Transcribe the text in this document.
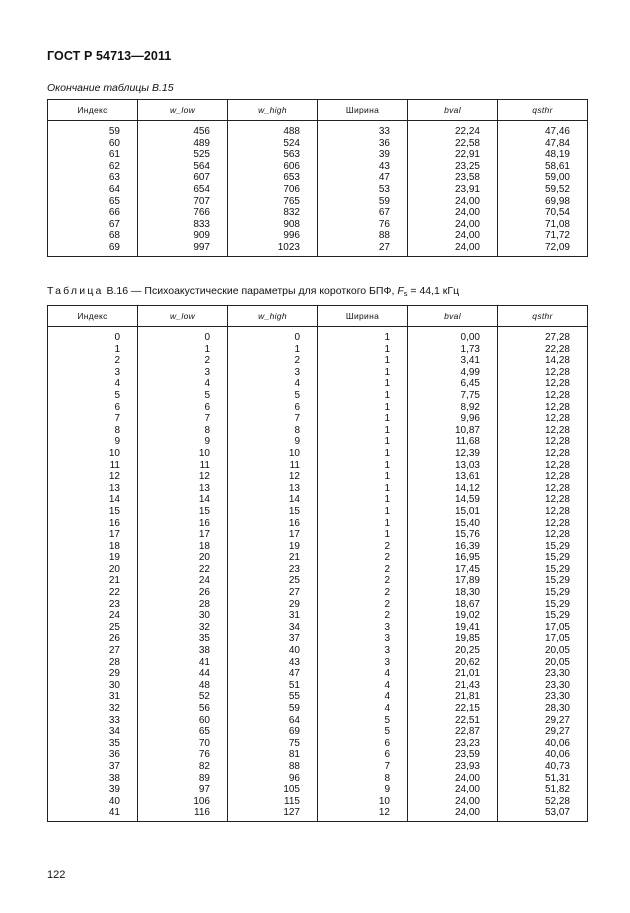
ГОСТ Р 54713—2011
Окончание таблицы В.15
Индекс	w_low	w_high	Ширина	bval	qsthr
59	456	488	33	22,24	47,46
60	489	524	36	22,58	47,84
61	525	563	39	22,91	48,19
62	564	606	43	23,25	58,61
63	607	653	47	23,58	59,00
64	654	706	53	23,91	59,52
65	707	765	59	24,00	69,98
66	766	832	67	24,00	70,54
67	833	908	76	24,00	71,08
68	909	996	88	24,00	71,72
69	997	1023	27	24,00	72,09
Таблица В.16 — Психоакустические параметры для короткого БПФ, $F_s = 44,1$ кГц
Индекс	w_low	w_high	Ширина	bval	qsthr
0	0	0	1	0,00	27,28
1	1	1	1	1,73	22,28
2	2	2	1	3,41	14,28
3	3	3	1	4,99	12,28
4	4	4	1	6,45	12,28
5	5	5	1	7,75	12,28
6	6	6	1	8,92	12,28
7	7	7	1	9,96	12,28
8	8	8	1	10,87	12,28
9	9	9	1	11,68	12,28
10	10	10	1	12,39	12,28
11	11	11	1	13,03	12,28
12	12	12	1	13,61	12,28
13	13	13	1	14,12	12,28
14	14	14	1	14,59	12,28
15	15	15	1	15,01	12,28
16	16	16	1	15,40	12,28
17	17	17	1	15,76	12,28
18	18	19	2	16,39	15,29
19	20	21	2	16,95	15,29
20	22	23	2	17,45	15,29
21	24	25	2	17,89	15,29
22	26	27	2	18,30	15,29
23	28	29	2	18,67	15,29
24	30	31	2	19,02	15,29
25	32	34	3	19,41	17,05
26	35	37	3	19,85	17,05
27	38	40	3	20,25	20,05
28	41	43	3	20,62	20,05
29	44	47	4	21,01	23,30
30	48	51	4	21,43	23,30
31	52	55	4	21,81	23,30
32	56	59	4	22,15	28,30
33	60	64	5	22,51	29,27
34	65	69	5	22,87	29,27
35	70	75	6	23,23	40,06
36	76	81	6	23,59	40,06
37	82	88	7	23,93	40,73
38	89	96	8	24,00	51,31
39	97	105	9	24,00	51,82
40	106	115	10	24,00	52,28
41	116	127	12	24,00	53,07
122
